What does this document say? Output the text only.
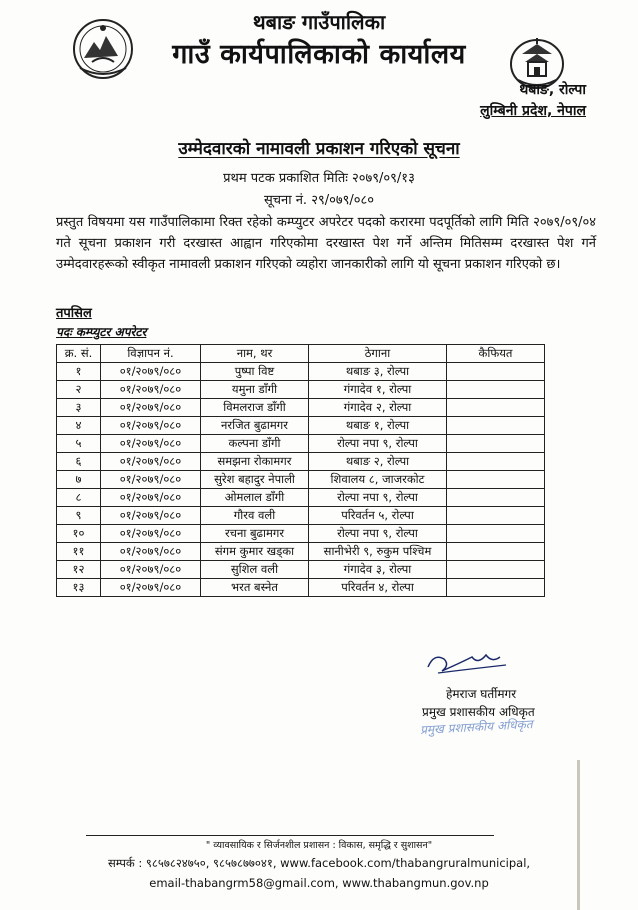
थबाङ गाउँपालिका
गाउँ कार्यपालिकाको कार्यालय
थबाङ, रोल्पा
लुम्बिनी प्रदेश, नेपाल
उम्मेदवारको नामावली प्रकाशन गरिएको सूचना
प्रथम पटक प्रकाशित मितिः २०७९/०९/१३
सूचना नं. २९/०७९/०८०
प्रस्तुत विषयमा यस गाउँपालिकामा रिक्त रहेको कम्प्युटर अपरेटर पदको करारमा पदपूर्तिको लागि मिति २०७९/०९/०४ गते सूचना प्रकाशन गरी दरखास्त आह्वान गरिएकोमा दरखास्त पेश गर्ने अन्तिम मितिसम्म दरखास्त पेश गर्ने उम्मेदवारहरूको स्वीकृत नामावली प्रकाशन गरिएको व्यहोरा जानकारीको लागि यो सूचना प्रकाशन गरिएको छ।
तपसिल
पदः कम्प्युटर अपरेटर
क्र. सं.	विज्ञापन नं.	नाम, थर	ठेगाना	कैफियत
१	०१/२०७९/०८०	पुष्पा विष्ट	थबाङ ३, रोल्पा	
२	०१/२०७९/०८०	यमुना डाँगी	गंगादेव १, रोल्पा	
३	०१/२०७९/०८०	विमलराज डाँगी	गंगादेव २, रोल्पा	
४	०१/२०७९/०८०	नरजित बुढामगर	थबाङ १, रोल्पा	
५	०१/२०७९/०८०	कल्पना डाँगी	रोल्पा नपा ९, रोल्पा	
६	०१/२०७९/०८०	समझना रोकामगर	थबाङ २, रोल्पा	
७	०१/२०७९/०८०	सुरेश बहादुर नेपाली	शिवालय ८, जाजरकोट	
८	०१/२०७९/०८०	ओमलाल डाँगी	रोल्पा नपा ९, रोल्पा	
९	०१/२०७९/०८०	गौरव वली	परिवर्तन ५, रोल्पा	
१०	०१/२०७९/०८०	रचना बुढामगर	रोल्पा नपा ९, रोल्पा	
११	०१/२०७९/०८०	संगम कुमार खड्का	सानीभेरी ९, रुकुम पश्चिम	
१२	०१/२०७९/०८०	सुशिल वली	गंगादेव ३, रोल्पा	
१३	०१/२०७९/०८०	भरत बस्नेत	परिवर्तन ४, रोल्पा	
हेमराज घर्तीमगर
प्रमुख प्रशासकीय अधिकृत
प्रमुख प्रशासकीय अधिकृत
" व्यावसायिक र सिर्जनशील प्रशासन : विकास, समृद्धि र सुशासन"
सम्पर्क : ९८५७८२४७५०, ९८५७८७७०४१, www.facebook.com/thabangruralmunicipal,
email-thabangrm58@gmail.com, www.thabangmun.gov.np
